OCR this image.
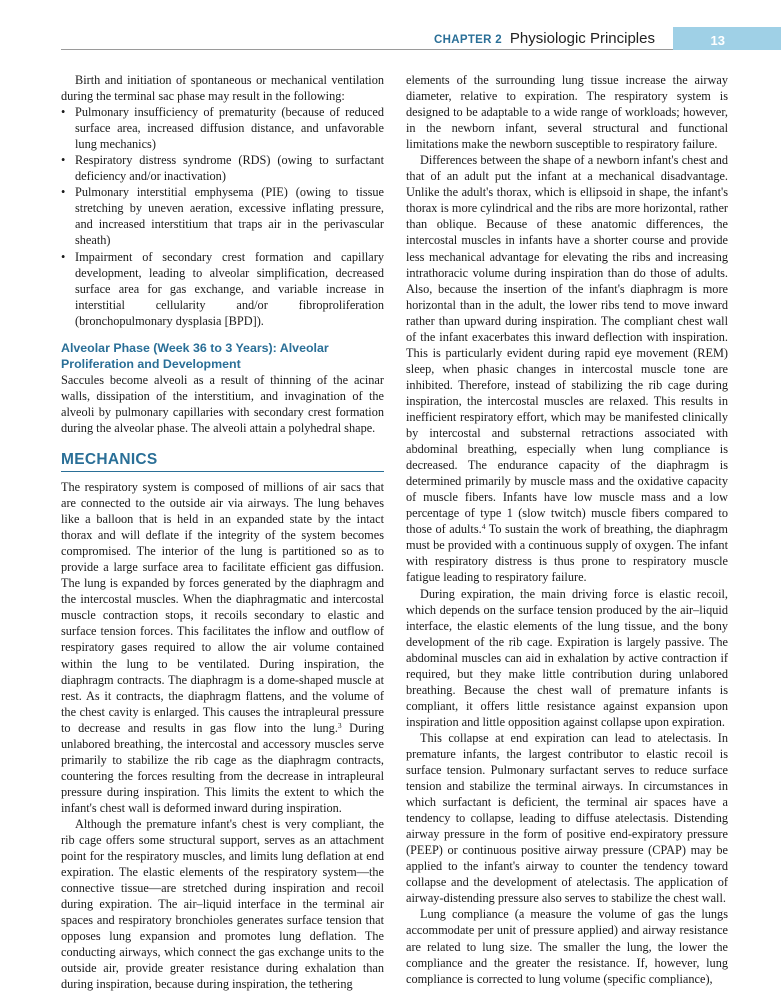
CHAPTER 2 Physiologic Principles	13

Birth and initiation of spontaneous or mechanical ventilation during the terminal sac phase may result in the following:

• Pulmonary insufficiency of prematurity (because of reduced surface area, increased diffusion distance, and unfavorable lung mechanics)
• Respiratory distress syndrome (RDS) (owing to surfactant deficiency and/or inactivation)
• Pulmonary interstitial emphysema (PIE) (owing to tissue stretching by uneven aeration, excessive inflating pressure, and increased interstitium that traps air in the perivascular sheath)
• Impairment of secondary crest formation and capillary development, leading to alveolar simplification, decreased surface area for gas exchange, and variable increase in interstitial cellularity and/or fibroproliferation (bronchopulmonary dysplasia [BPD]).
Alveolar Phase (Week 36 to 3 Years): Alveolar Proliferation and Development

Saccules become alveoli as a result of thinning of the acinar walls, dissipation of the interstitium, and invagination of the alveoli by pulmonary capillaries with secondary crest formation during the alveolar phase. The alveoli attain a polyhedral shape.

MECHANICS

The respiratory system is composed of millions of air sacs that are connected to the outside air via airways. The lung behaves like a balloon that is held in an expanded state by the intact thorax and will deflate if the integrity of the system becomes compromised. The interior of the lung is partitioned so as to provide a large surface area to facilitate efficient gas diffusion. The lung is expanded by forces generated by the diaphragm and the intercostal muscles. When the diaphragmatic and intercostal muscle contraction stops, it recoils secondary to elastic and surface tension forces. This facilitates the inflow and outflow of respiratory gases required to allow the air volume contained within the lung to be ventilated. During inspiration, the diaphragm contracts. The diaphragm is a dome-shaped muscle at rest. As it contracts, the diaphragm flattens, and the volume of the chest cavity is enlarged. This causes the intrapleural pressure to decrease and results in gas flow into the lung.$^3$ During unlabored breathing, the intercostal and accessory muscles serve primarily to stabilize the rib cage as the diaphragm contracts, countering the forces resulting from the decrease in intrapleural pressure during inspiration. This limits the extent to which the infant's chest wall is deformed inward during inspiration.

Although the premature infant's chest is very compliant, the rib cage offers some structural support, serves as an attachment point for the respiratory muscles, and limits lung deflation at end expiration. The elastic elements of the respiratory system—the connective tissue—are stretched during inspiration and recoil during expiration. The air–liquid interface in the terminal air spaces and respiratory bronchioles generates surface tension that opposes lung expansion and promotes lung deflation. The conducting airways, which connect the gas exchange units to the outside air, provide greater resistance during exhalation than during inspiration, because during inspiration, the tethering

elements of the surrounding lung tissue increase the airway diameter, relative to expiration. The respiratory system is designed to be adaptable to a wide range of workloads; however, in the newborn infant, several structural and functional limitations make the newborn susceptible to respiratory failure.

Differences between the shape of a newborn infant's chest and that of an adult put the infant at a mechanical disadvantage. Unlike the adult's thorax, which is ellipsoid in shape, the infant's thorax is more cylindrical and the ribs are more horizontal, rather than oblique. Because of these anatomic differences, the intercostal muscles in infants have a shorter course and provide less mechanical advantage for elevating the ribs and increasing intrathoracic volume during inspiration than do those of adults. Also, because the insertion of the infant's diaphragm is more horizontal than in the adult, the lower ribs tend to move inward rather than upward during inspiration. The compliant chest wall of the infant exacerbates this inward deflection with inspiration. This is particularly evident during rapid eye movement (REM) sleep, when phasic changes in intercostal muscle tone are inhibited. Therefore, instead of stabilizing the rib cage during inspiration, the intercostal muscles are relaxed. This results in inefficient respiratory effort, which may be manifested clinically by intercostal and substernal retractions associated with abdominal breathing, especially when lung compliance is decreased. The endurance capacity of the diaphragm is determined primarily by muscle mass and the oxidative capacity of muscle fibers. Infants have low muscle mass and a low percentage of type 1 (slow twitch) muscle fibers compared to those of adults.$^4$ To sustain the work of breathing, the diaphragm must be provided with a continuous supply of oxygen. The infant with respiratory distress is thus prone to respiratory muscle fatigue leading to respiratory failure.

During expiration, the main driving force is elastic recoil, which depends on the surface tension produced by the air–liquid interface, the elastic elements of the lung tissue, and the bony development of the rib cage. Expiration is largely passive. The abdominal muscles can aid in exhalation by active contraction if required, but they make little contribution during unlabored breathing. Because the chest wall of premature infants is compliant, it offers little resistance against expansion upon inspiration and little opposition against collapse upon expiration.

This collapse at end expiration can lead to atelectasis. In premature infants, the largest contributor to elastic recoil is surface tension. Pulmonary surfactant serves to reduce surface tension and stabilize the terminal airways. In circumstances in which surfactant is deficient, the terminal air spaces have a tendency to collapse, leading to diffuse atelectasis. Distending airway pressure in the form of positive end-expiratory pressure (PEEP) or continuous positive airway pressure (CPAP) may be applied to the infant's airway to counter the tendency toward collapse and the development of atelectasis. The application of airway-distending pressure also serves to stabilize the chest wall.

Lung compliance (a measure the volume of gas the lungs accommodate per unit of pressure applied) and airway resistance are related to lung size. The smaller the lung, the lower the compliance and the greater the resistance. If, however, lung compliance is corrected to lung volume (specific compliance),
